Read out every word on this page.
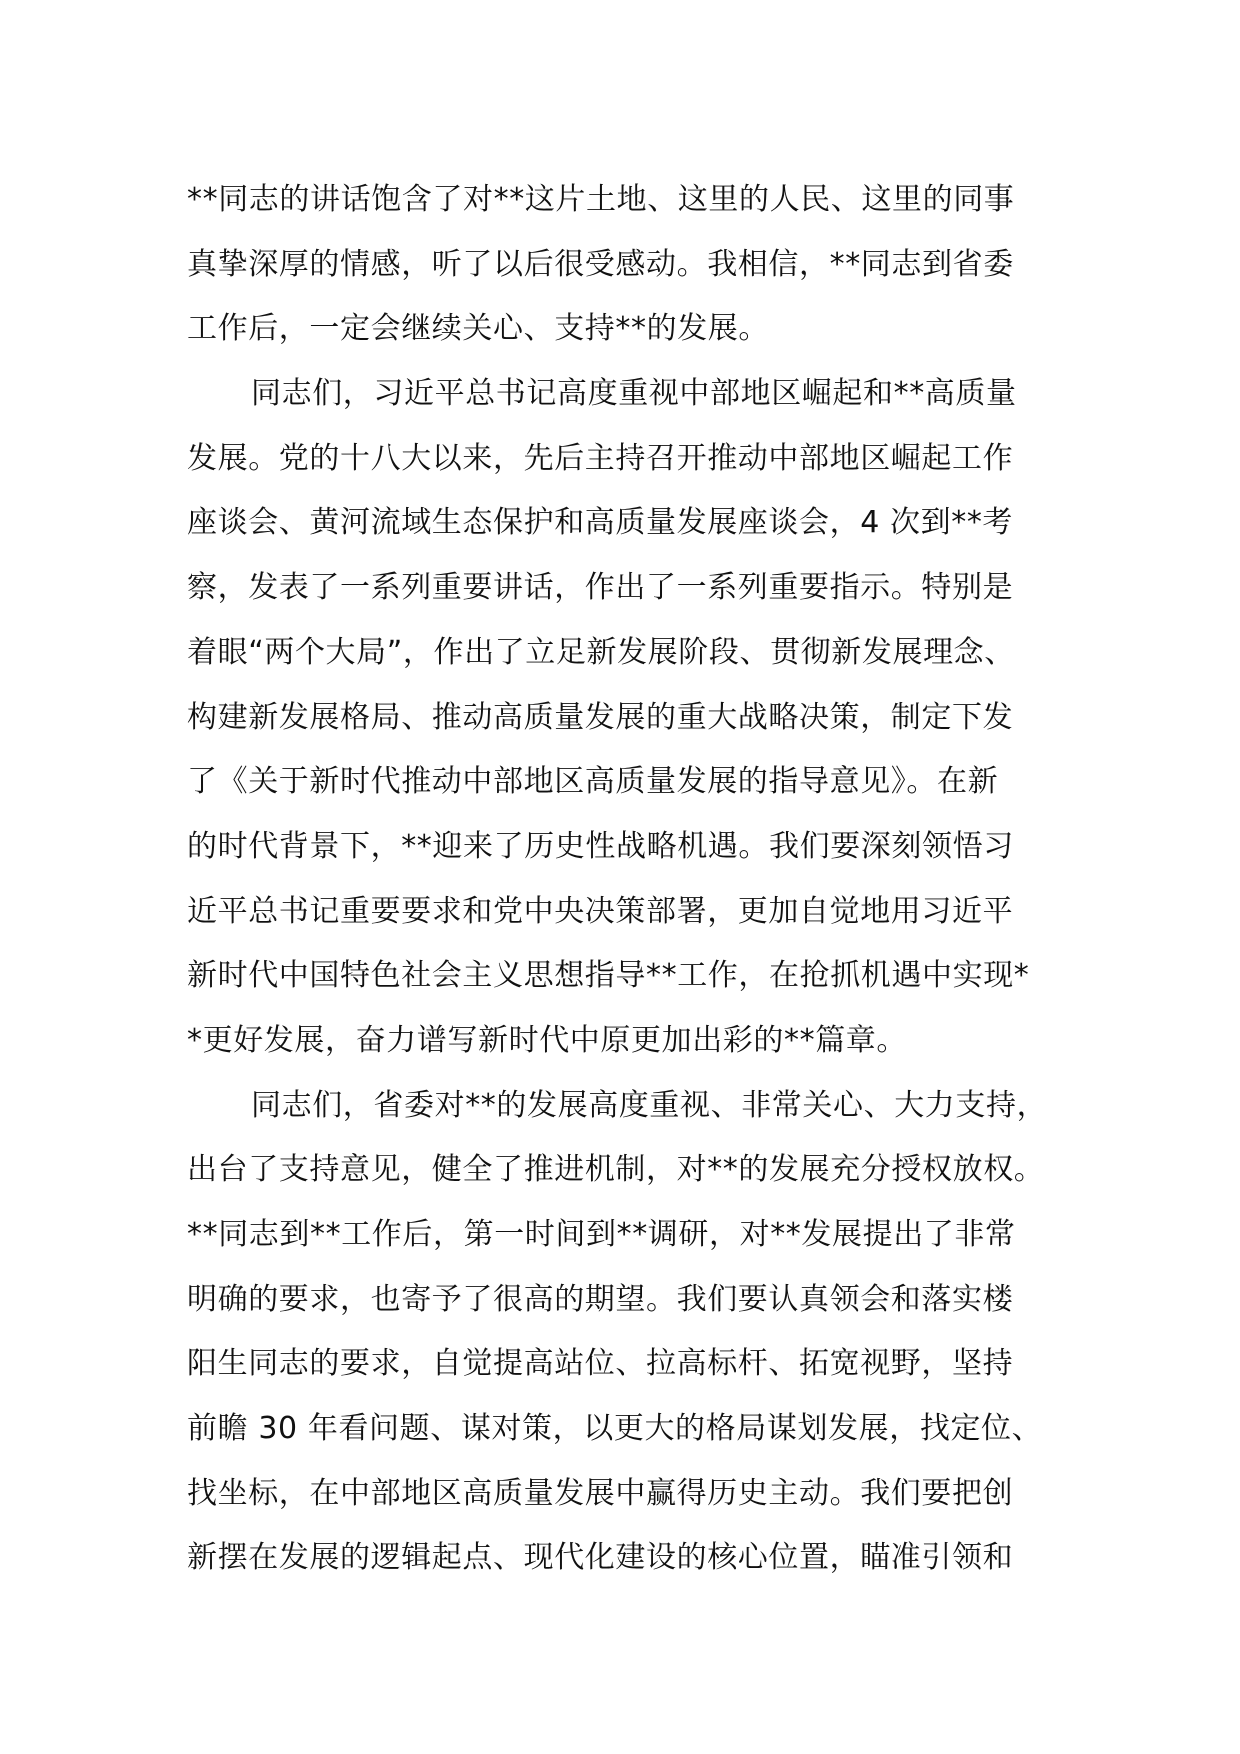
**同志的讲话饱含了对**这片土地、这里的人民、这里的同事
真挚深厚的情感，听了以后很受感动。我相信，**同志到省委
工作后，一定会继续关心、支持**的发展。
同志们，习近平总书记高度重视中部地区崛起和**高质量
发展。党的十八大以来，先后主持召开推动中部地区崛起工作
座谈会、黄河流域生态保护和高质量发展座谈会，4 次到**考
察，发表了一系列重要讲话，作出了一系列重要指示。特别是
着眼“两个大局”，作出了立足新发展阶段、贯彻新发展理念、
构建新发展格局、推动高质量发展的重大战略决策，制定下发
了《关于新时代推动中部地区高质量发展的指导意见》。在新
的时代背景下，**迎来了历史性战略机遇。我们要深刻领悟习
近平总书记重要要求和党中央决策部署，更加自觉地用习近平
新时代中国特色社会主义思想指导**工作，在抢抓机遇中实现*
*更好发展，奋力谱写新时代中原更加出彩的**篇章。
同志们，省委对**的发展高度重视、非常关心、大力支持，
出台了支持意见，健全了推进机制，对**的发展充分授权放权。
**同志到**工作后，第一时间到**调研，对**发展提出了非常
明确的要求，也寄予了很高的期望。我们要认真领会和落实楼
阳生同志的要求，自觉提高站位、拉高标杆、拓宽视野，坚持
前瞻 30 年看问题、谋对策，以更大的格局谋划发展，找定位、
找坐标，在中部地区高质量发展中赢得历史主动。我们要把创
新摆在发展的逻辑起点、现代化建设的核心位置，瞄准引领和
